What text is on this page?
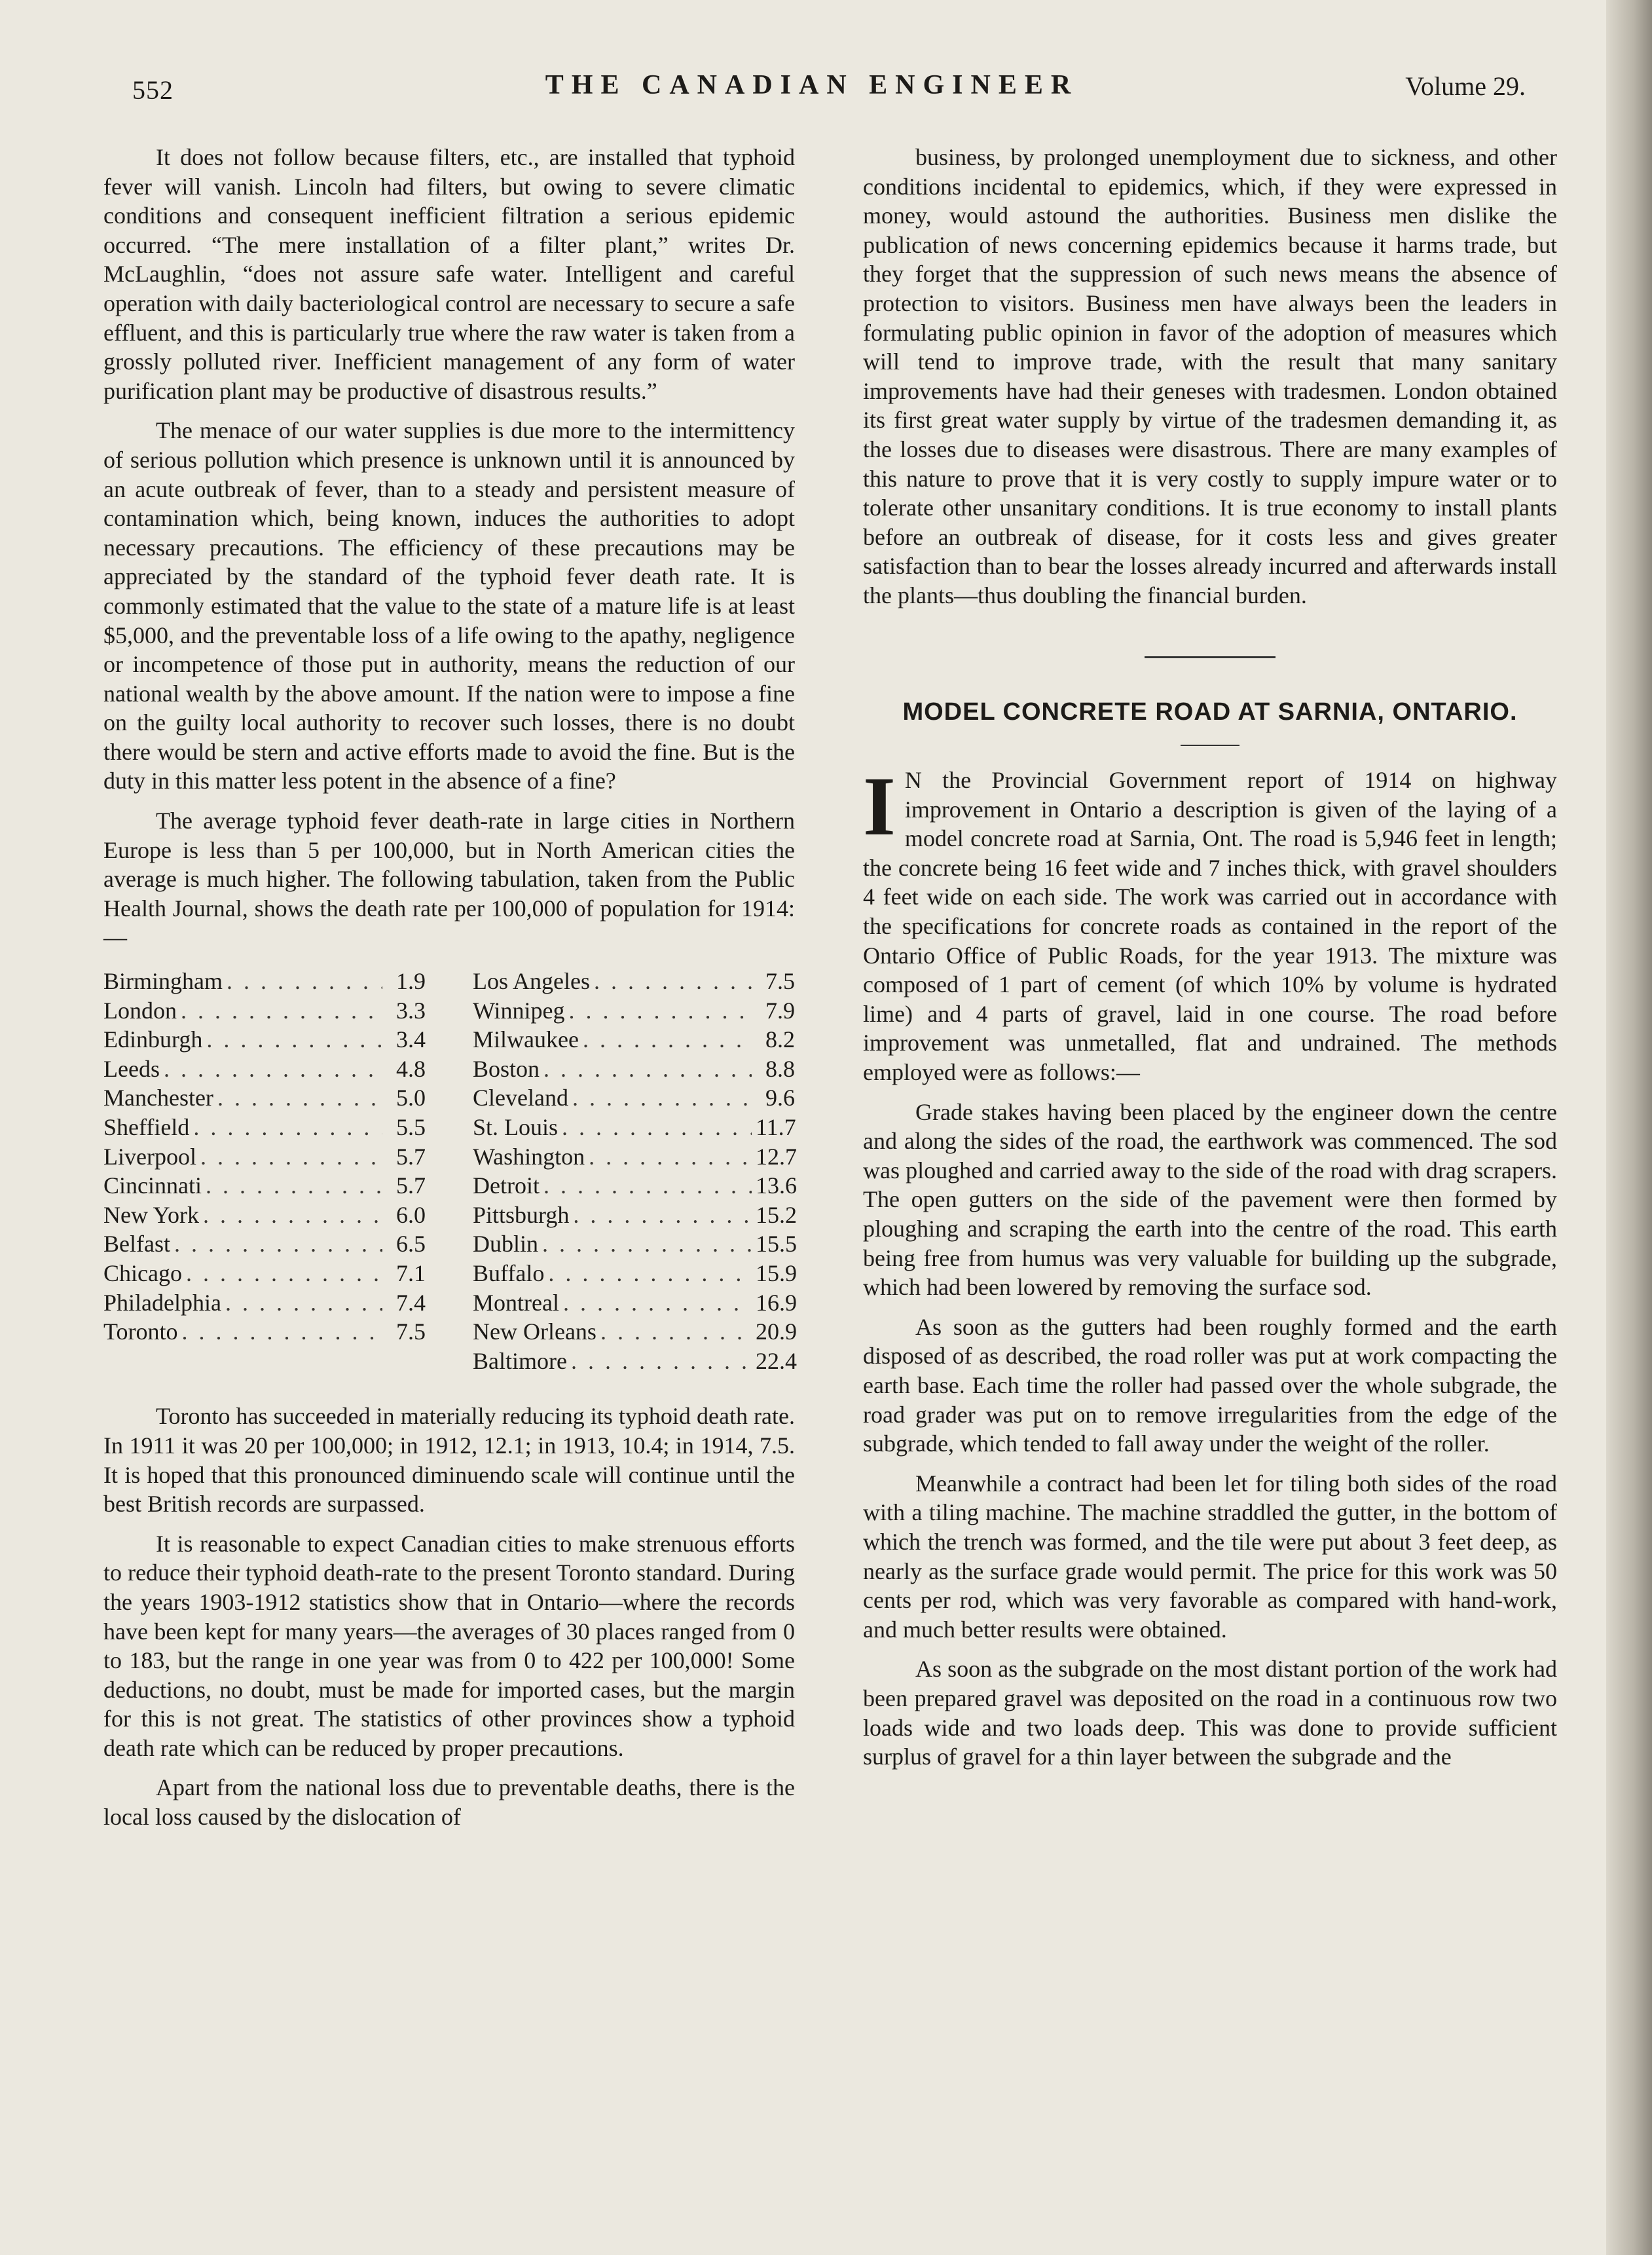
552	THE CANADIAN ENGINEER	Volume 29.

It does not follow because filters, etc., are installed that typhoid fever will vanish. Lincoln had filters, but owing to severe climatic conditions and consequent inefficient filtration a serious epidemic occurred. “The mere installation of a filter plant,” writes Dr. McLaughlin, “does not assure safe water. Intelligent and careful operation with daily bacteriological control are necessary to secure a safe effluent, and this is particularly true where the raw water is taken from a grossly polluted river. Inefficient management of any form of water purification plant may be productive of disastrous results.”

The menace of our water supplies is due more to the intermittency of serious pollution which presence is unknown until it is announced by an acute outbreak of fever, than to a steady and persistent measure of contamination which, being known, induces the authorities to adopt necessary precautions. The efficiency of these precautions may be appreciated by the standard of the typhoid fever death rate. It is commonly estimated that the value to the state of a mature life is at least $5,000, and the preventable loss of a life owing to the apathy, negligence or incompetence of those put in authority, means the reduction of our national wealth by the above amount. If the nation were to impose a fine on the guilty local authority to recover such losses, there is no doubt there would be stern and active efforts made to avoid the fine. But is the duty in this matter less potent in the absence of a fine?

The average typhoid fever death-rate in large cities in Northern Europe is less than 5 per 100,000, but in North American cities the average is much higher. The following tabulation, taken from the Public Health Journal, shows the death rate per 100,000 of population for 1914:—

Birmingham . . .	1.9
London . . .	3.3
Edinburgh . . .	3.4
Leeds . . .	4.8
Manchester . . .	5.0
Sheffield . . .	5.5
Liverpool . . .	5.7
Cincinnati . . .	5.7
New York . . .	6.0
Belfast . . .	6.5
Chicago . . .	7.1
Philadelphia . . .	7.4
Toronto . . .	7.5
Los Angeles . . .	7.5
Winnipeg . . .	7.9
Milwaukee . . .	8.2
Boston . . .	8.8
Cleveland . . .	9.6
St. Louis . . .	11.7
Washington . . .	12.7
Detroit . . .	13.6
Pittsburgh . . .	15.2
Dublin . . .	15.5
Buffalo . . .	15.9
Montreal . . .	16.9
New Orleans . . .	20.9
Baltimore . . .	22.4

Toronto has succeeded in materially reducing its typhoid death rate. In 1911 it was 20 per 100,000; in 1912, 12.1; in 1913, 10.4; in 1914, 7.5. It is hoped that this pronounced diminuendo scale will continue until the best British records are surpassed.

It is reasonable to expect Canadian cities to make strenuous efforts to reduce their typhoid death-rate to the present Toronto standard. During the years 1903-1912 statistics show that in Ontario—where the records have been kept for many years—the averages of 30 places ranged from 0 to 183, but the range in one year was from 0 to 422 per 100,000! Some deductions, no doubt, must be made for imported cases, but the margin for this is not great. The statistics of other provinces show a typhoid death rate which can be reduced by proper precautions.

Apart from the national loss due to preventable deaths, there is the local loss caused by the dislocation of

business, by prolonged unemployment due to sickness, and other conditions incidental to epidemics, which, if they were expressed in money, would astound the authorities. Business men dislike the publication of news concerning epidemics because it harms trade, but they forget that the suppression of such news means the absence of protection to visitors. Business men have always been the leaders in formulating public opinion in favor of the adoption of measures which will tend to improve trade, with the result that many sanitary improvements have had their geneses with tradesmen. London obtained its first great water supply by virtue of the tradesmen demanding it, as the losses due to diseases were disastrous. There are many examples of this nature to prove that it is very costly to supply impure water or to tolerate other unsanitary conditions. It is true economy to install plants before an outbreak of disease, for it costs less and gives greater satisfaction than to bear the losses already incurred and afterwards install the plants—thus doubling the financial burden.

MODEL CONCRETE ROAD AT SARNIA, ONTARIO.
I N the Provincial Government report of 1914 on highway improvement in Ontario a description is given of the laying of a model concrete road at Sarnia, Ont. The road is 5,946 feet in length; the concrete being 16 feet wide and 7 inches thick, with gravel shoulders 4 feet wide on each side. The work was carried out in accordance with the specifications for concrete roads as contained in the report of the Ontario Office of Public Roads, for the year 1913. The mixture was composed of 1 part of cement (of which 10% by volume is hydrated lime) and 4 parts of gravel, laid in one course. The road before improvement was unmetalled, flat and undrained. The methods employed were as follows:—

Grade stakes having been placed by the engineer down the centre and along the sides of the road, the earthwork was commenced. The sod was ploughed and carried away to the side of the road with drag scrapers. The open gutters on the side of the pavement were then formed by ploughing and scraping the earth into the centre of the road. This earth being free from humus was very valuable for building up the subgrade, which had been lowered by removing the surface sod.

As soon as the gutters had been roughly formed and the earth disposed of as described, the road roller was put at work compacting the earth base. Each time the roller had passed over the whole subgrade, the road grader was put on to remove irregularities from the edge of the subgrade, which tended to fall away under the weight of the roller.

Meanwhile a contract had been let for tiling both sides of the road with a tiling machine. The machine straddled the gutter, in the bottom of which the trench was formed, and the tile were put about 3 feet deep, as nearly as the surface grade would permit. The price for this work was 50 cents per rod, which was very favorable as compared with hand-work, and much better results were obtained.

As soon as the subgrade on the most distant portion of the work had been prepared gravel was deposited on the road in a continuous row two loads wide and two loads deep. This was done to provide sufficient surplus of gravel for a thin layer between the subgrade and the
